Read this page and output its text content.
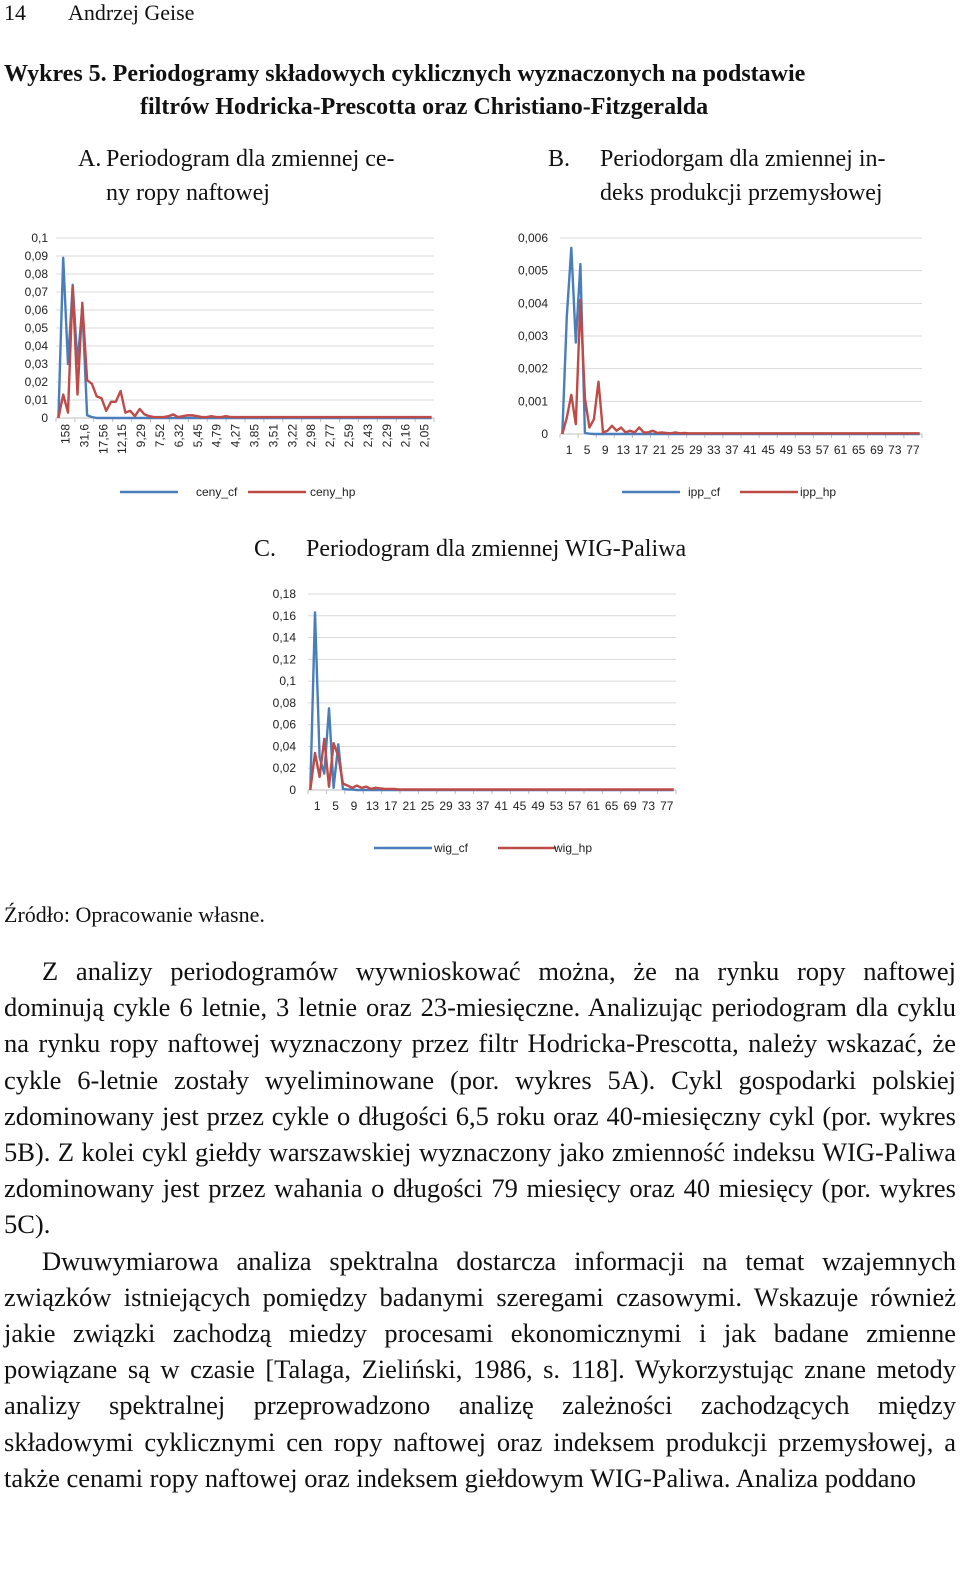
14 Andrzej Geise
Wykres 5. Periodogramy składowych cyklicznych wyznaczonych na podstawie
filtrów Hodricka-Prescotta oraz Christiano-Fitzgeralda
A. Periodogram dla zmiennej ce-
ny ropy naftowej
B. Periodorgam dla zmiennej in-
deks produkcji przemysłowej
C. Periodogram dla zmiennej WIG-Paliwa
0
0,01
0,02
0,03
0,04
0,05
0,06
0,07
0,08
0,09
0,1
158 31,6 17,56 12,15 9,29 7,52 6,32 5,45 4,79 4,27 3,85 3,51 3,22 2,98 2,77 2,59 2,43 2,29 2,16 2,05
ceny_cf	ceny_hp
0
0,001
0,002
0,003
0,004
0,005
0,006
1 5 9 13 17 21 25 29 33 37 41 45 49 53 57 61 65 69 73 77
ipp_cf	ipp_hp
0
0,02
0,04
0,06
0,08
0,1
0,12
0,14
0,16
0,18
1 5 9 13 17 21 25 29 33 37 41 45 49 53 57 61 65 69 73 77
wig_cf	wig_hp
Źródło: Opracowanie własne.

Z analizy periodogramów wywnioskować można, że na rynku ropy naftowej dominują cykle 6 letnie, 3 letnie oraz 23-miesięczne. Analizując periodogram dla cyklu na rynku ropy naftowej wyznaczony przez filtr Hodricka-Prescotta, należy wskazać, że cykle 6-letnie zostały wyeliminowane (por. wykres 5A). Cykl gospodarki polskiej zdominowany jest przez cykle o długości 6,5 roku oraz 40-miesięczny cykl (por. wykres 5B). Z kolei cykl giełdy warszawskiej wyznaczony jako zmienność indeksu WIG-Paliwa zdominowany jest przez wahania o długości 79 miesięcy oraz 40 miesięcy (por. wykres 5C).

Dwuwymiarowa analiza spektralna dostarcza informacji na temat wzajemnych związków istniejących pomiędzy badanymi szeregami czasowymi. Wskazuje również jakie związki zachodzą miedzy procesami ekonomicznymi i jak badane zmienne powiązane są w czasie [Talaga, Zieliński, 1986, s. 118]. Wykorzystując znane metody analizy spektralnej przeprowadzono analizę zależności zachodzących między składowymi cyklicznymi cen ropy naftowej oraz indeksem produkcji przemysłowej, a także cenami ropy naftowej oraz indeksem giełdowym WIG-Paliwa. Analiza poddano
